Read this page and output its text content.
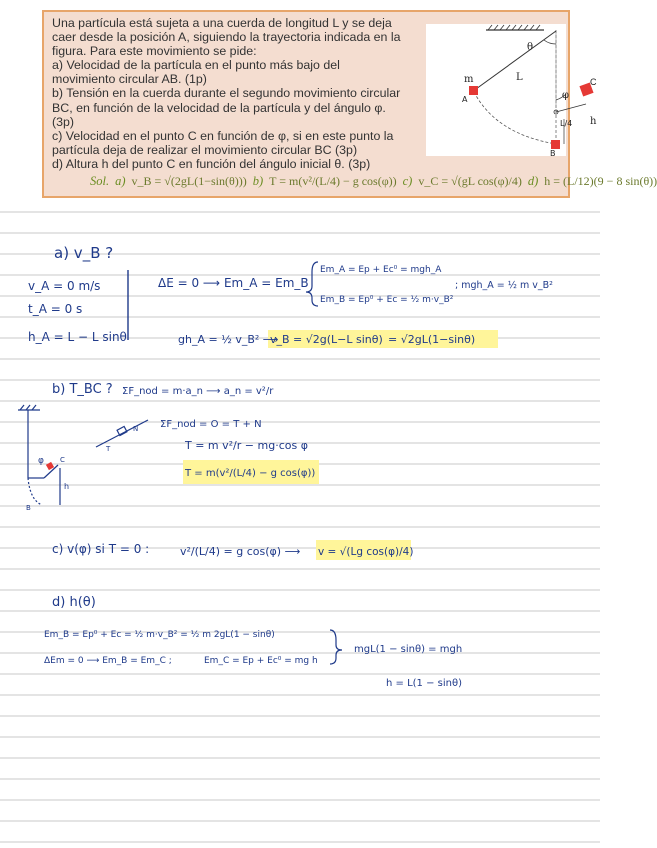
Una partícula está sujeta a una cuerda de longitud L y se deja caer desde la posición A, siguiendo la trayectoria indicada en la figura. Para este movimiento se pide:

a) Velocidad de la partícula en el punto más bajo del movimiento circular AB. (1p)

b) Tensión en la cuerda durante el segundo movimiento circular BC, en función de la velocidad de la partícula y del ángulo φ. (3p)

c) Velocidad en el punto C en función de φ, si en este punto la partícula deja de realizar el movimiento circular BC (3p)

d) Altura h del punto C en función del ángulo inicial θ. (3p)

θ
L
m
A	φ
L/4
B
C
h
Sol. a) v_B = √(2gL(1−sin(θ))) b) T = m(v²/(L/4) − g cos(φ)) c) v_C = √(gL cos(φ)/4) d) h = (L/12)(9 − 8 sin(θ))
a) v_B ?
v_A = 0 m/s
t_A = 0 s
h_A = L − L sinθ
ΔE = 0 ⟶ Em_A = Em_B
Em_A = Ep + Ec⁰ = mgh_A
Em_B = Ep⁰ + Ec = ½ m·v_B²
; mgh_A = ½ m v_B²
gh_A = ½ v_B² ⟶
v_B = √2g(L−L sinθ) = √2gL(1−sinθ)
b) T_BC ? ΣF_nod = m·a_n ⟶ a_n = v²/r
ΣF_nod = O = T + N
T = m v²/r − mg·cos φ
T = m(v²/(L/4) − g cos(φ))
T
N
φ C
h
B
c) v(φ) si T = 0 :	v²/(L/4) = g cos(φ) ⟶ v = √(Lg cos(φ)/4)
d) h(θ)
Em_B = Ep⁰ + Ec = ½ m·v_B² = ½ m 2gL(1 − sinθ)
ΔEm = 0 ⟶ Em_B = Em_C ;	Em_C = Ep + Ec⁰ = mg h
mgL(1 − sinθ) = mgh
h = L(1 − sinθ)
